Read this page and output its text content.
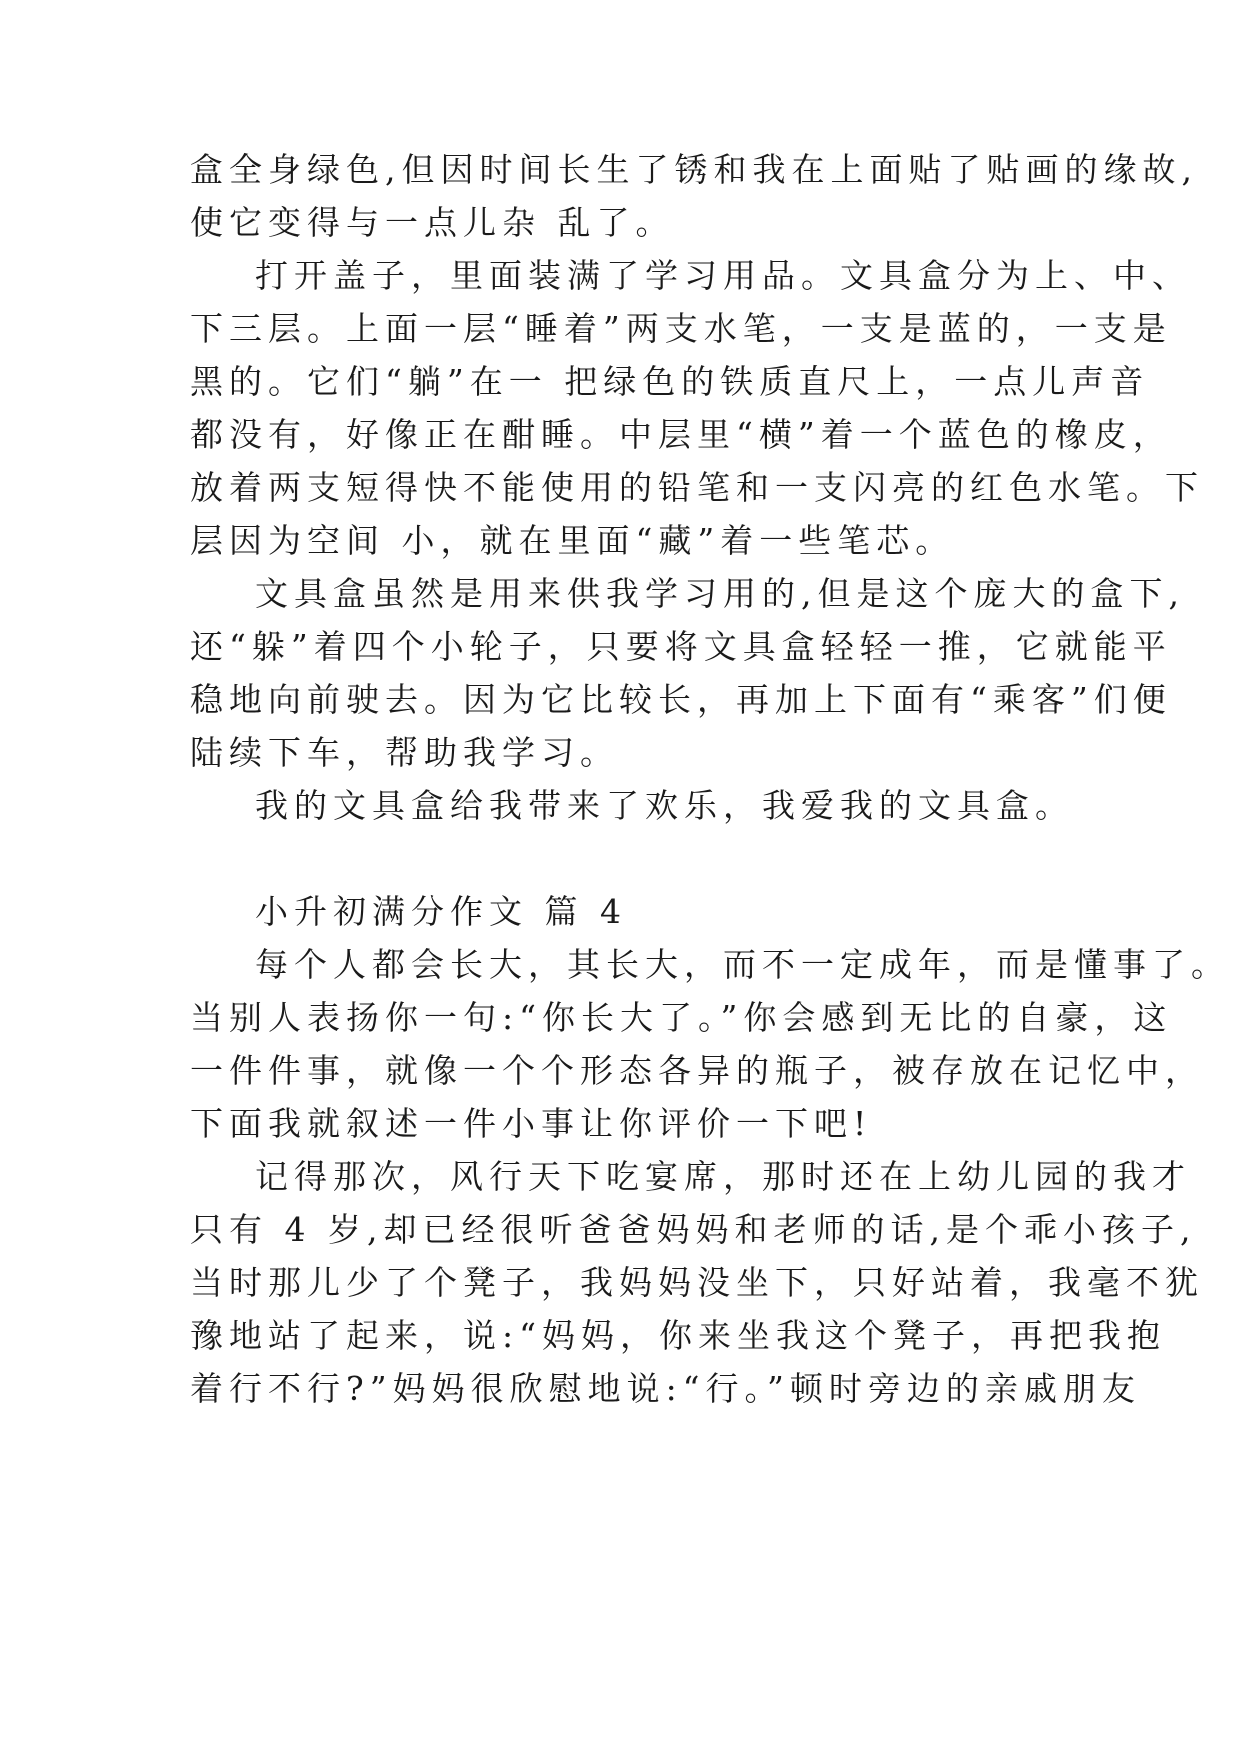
盒全身绿色,但因时间长生了锈和我在上面贴了贴画的缘故,

使它变得与一点儿杂 乱了。

打开盖子，里面装满了学习用品。文具盒分为上、中、

下三层。上面一层“睡着”两支水笔，一支是蓝的，一支是

黑的。它们“躺”在一 把绿色的铁质直尺上，一点儿声音

都没有，好像正在酣睡。中层里“横”着一个蓝色的橡皮，

放着两支短得快不能使用的铅笔和一支闪亮的红色水笔。下

层因为空间 小，就在里面“藏”着一些笔芯。

文具盒虽然是用来供我学习用的,但是这个庞大的盒下,

还“躲”着四个小轮子，只要将文具盒轻轻一推，它就能平

稳地向前驶去。因为它比较长，再加上下面有“乘客”们便

陆续下车，帮助我学习。

我的文具盒给我带来了欢乐，我爱我的文具盒。

小升初满分作文 篇 4

每个人都会长大，其长大，而不一定成年，而是懂事了。

当别人表扬你一句:“你长大了。”你会感到无比的自豪，这

一件件事，就像一个个形态各异的瓶子，被存放在记忆中，

下面我就叙述一件小事让你评价一下吧!

记得那次，风行天下吃宴席，那时还在上幼儿园的我才

只有 4 岁,却已经很听爸爸妈妈和老师的话,是个乖小孩子,

当时那儿少了个凳子，我妈妈没坐下，只好站着，我毫不犹

豫地站了起来，说:“妈妈，你来坐我这个凳子，再把我抱

着行不行?”妈妈很欣慰地说:“行。”顿时旁边的亲戚朋友
